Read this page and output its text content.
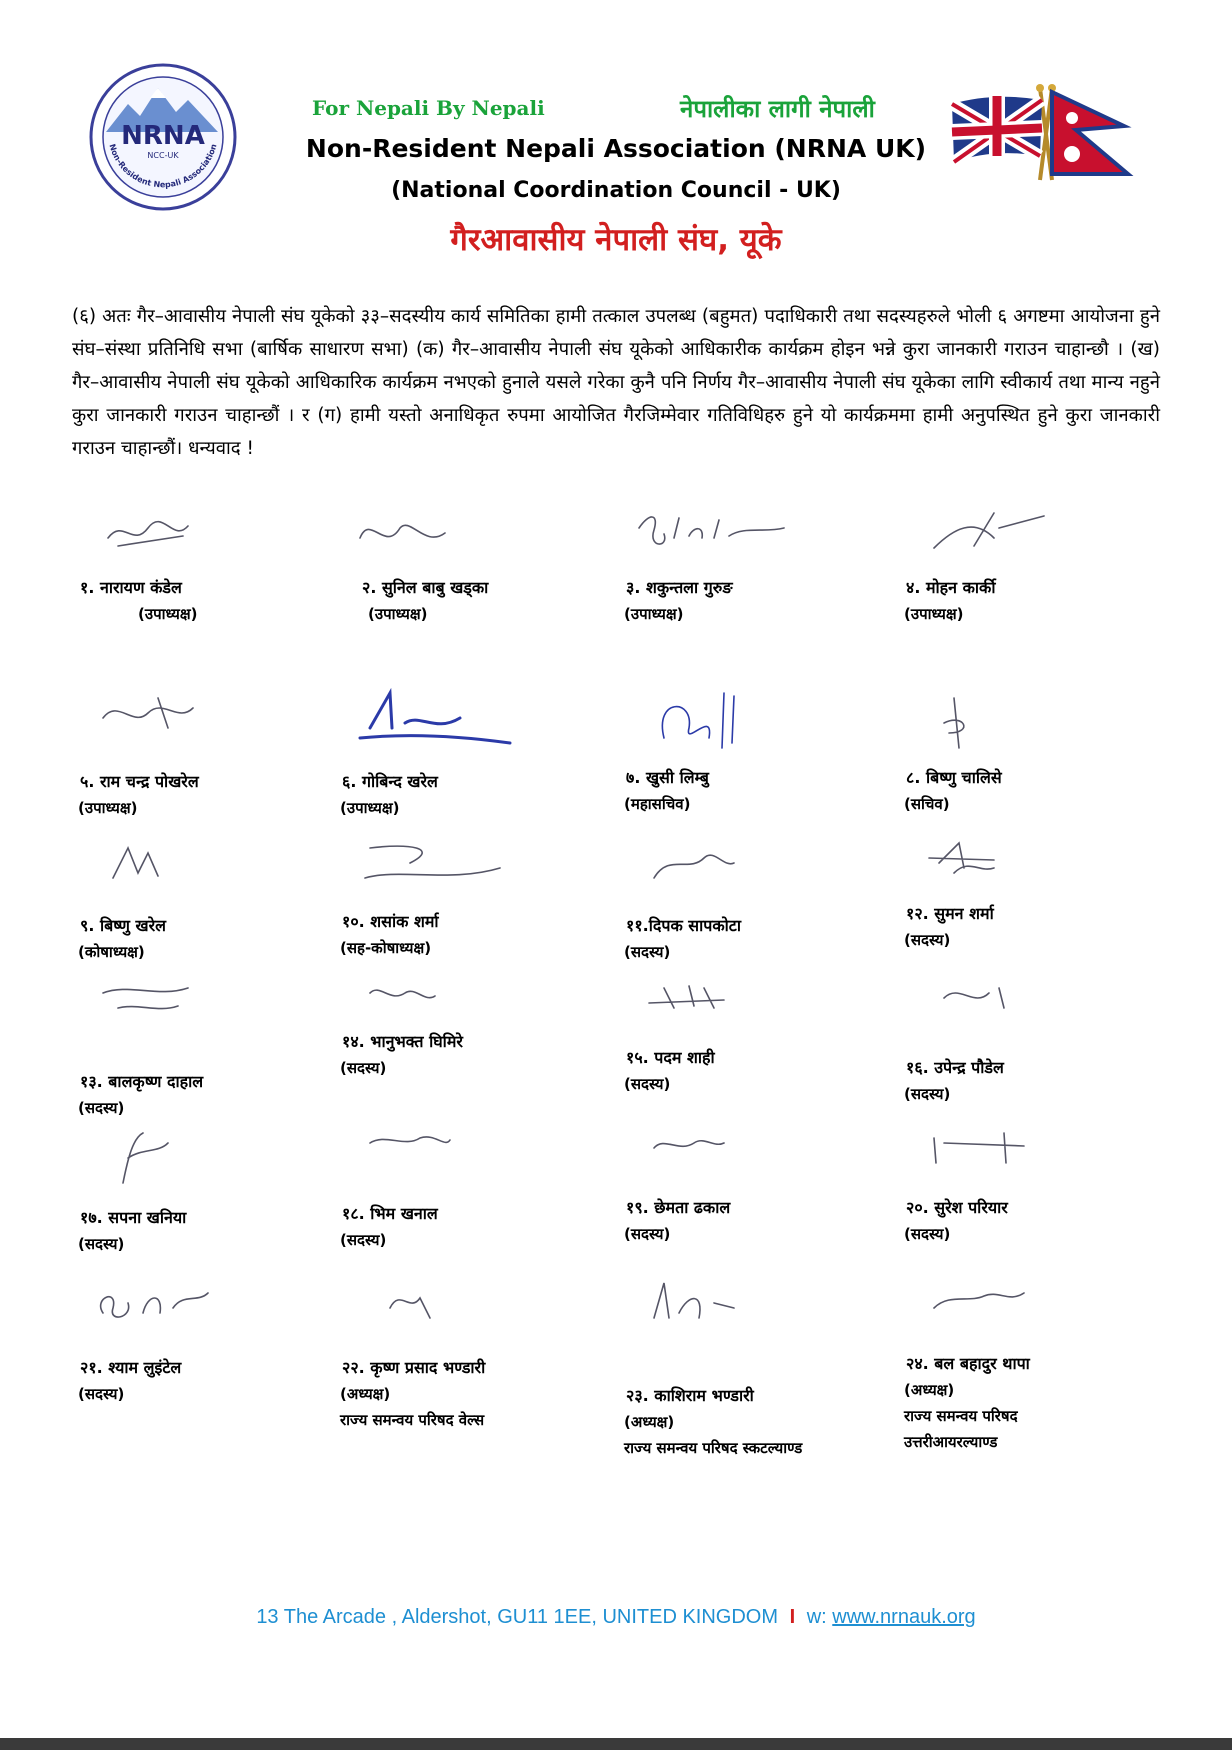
NRNA
NCC-UK
Non-Resident Nepali Association
For Nepali By Nepali	नेपालीका लागी नेपाली
Non-Resident Nepali Association (NRNA UK)
(National Coordination Council - UK)
गैरआवासीय नेपाली संघ, यूके
(६) अतः गैर–आवासीय नेपाली संघ यूकेको ३३–सदस्यीय कार्य समितिका हामी तत्काल उपलब्ध (बहुमत) पदाधिकारी तथा सदस्यहरुले भोली ६ अगष्टमा आयोजना हुने संघ–संस्था प्रतिनिधि सभा (बार्षिक साधारण सभा) (क) गैर–आवासीय नेपाली संघ यूकेको आधिकारीक कार्यक्रम होइन भन्ने कुरा जानकारी गराउन चाहान्छौ । (ख) गैर–आवासीय नेपाली संघ यूकेको आधिकारिक कार्यक्रम नभएको हुनाले यसले गरेका कुनै पनि निर्णय गैर–आवासीय नेपाली संघ यूकेका लागि स्वीकार्य तथा मान्य नहुने कुरा जानकारी गराउन चाहान्छौं । र (ग) हामी यस्तो अनाधिकृत रुपमा आयोजित गैरजिम्मेवार गतिविधिहरु हुने यो कार्यक्रममा हामी अनुपस्थित हुने कुरा जानकारी गराउन चाहान्छौं। धन्यवाद !
१. नारायण कंडेल
(उपाध्यक्ष)
२. सुनिल बाबु खड्का
(उपाध्यक्ष)
३. शकुन्तला गुरुङ
(उपाध्यक्ष)
४. मोहन कार्की
(उपाध्यक्ष)
५. राम चन्द्र पोखरेल
(उपाध्यक्ष)
६. गोबिन्द खरेल
(उपाध्यक्ष)
७. खुसी लिम्बु
(महासचिव)
८. बिष्णु चालिसे
(सचिव)
९. बिष्णु खरेल
(कोषाध्यक्ष)
१०. शसांक शर्मा
(सह-कोषाध्यक्ष)
११.दिपक सापकोटा
(सदस्य)
१२. सुमन शर्मा
(सदस्य)
१३. बालकृष्ण दाहाल
(सदस्य)
१४. भानुभक्त घिमिरे
(सदस्य)
१५. पदम शाही
(सदस्य)
१६. उपेन्द्र पौडेल
(सदस्य)
१७. सपना खनिया
(सदस्य)
१८. भिम खनाल
(सदस्य)
१९. छेमता ढकाल
(सदस्य)
२०. सुरेश परियार
(सदस्य)
२१. श्याम लुइंटेल
(सदस्य)
२२. कृष्ण प्रसाद भण्डारी
(अध्यक्ष)
राज्य समन्वय परिषद वेल्स
२३. काशिराम भण्डारी
(अध्यक्ष)
राज्य समन्वय परिषद स्कटल्याण्ड
२४. बल बहादुर थापा
(अध्यक्ष)
राज्य समन्वय परिषद
उत्तरीआयरल्याण्ड
13 The Arcade , Aldershot, GU11 1EE, UNITED KINGDOM I w: www.nrnauk.org
